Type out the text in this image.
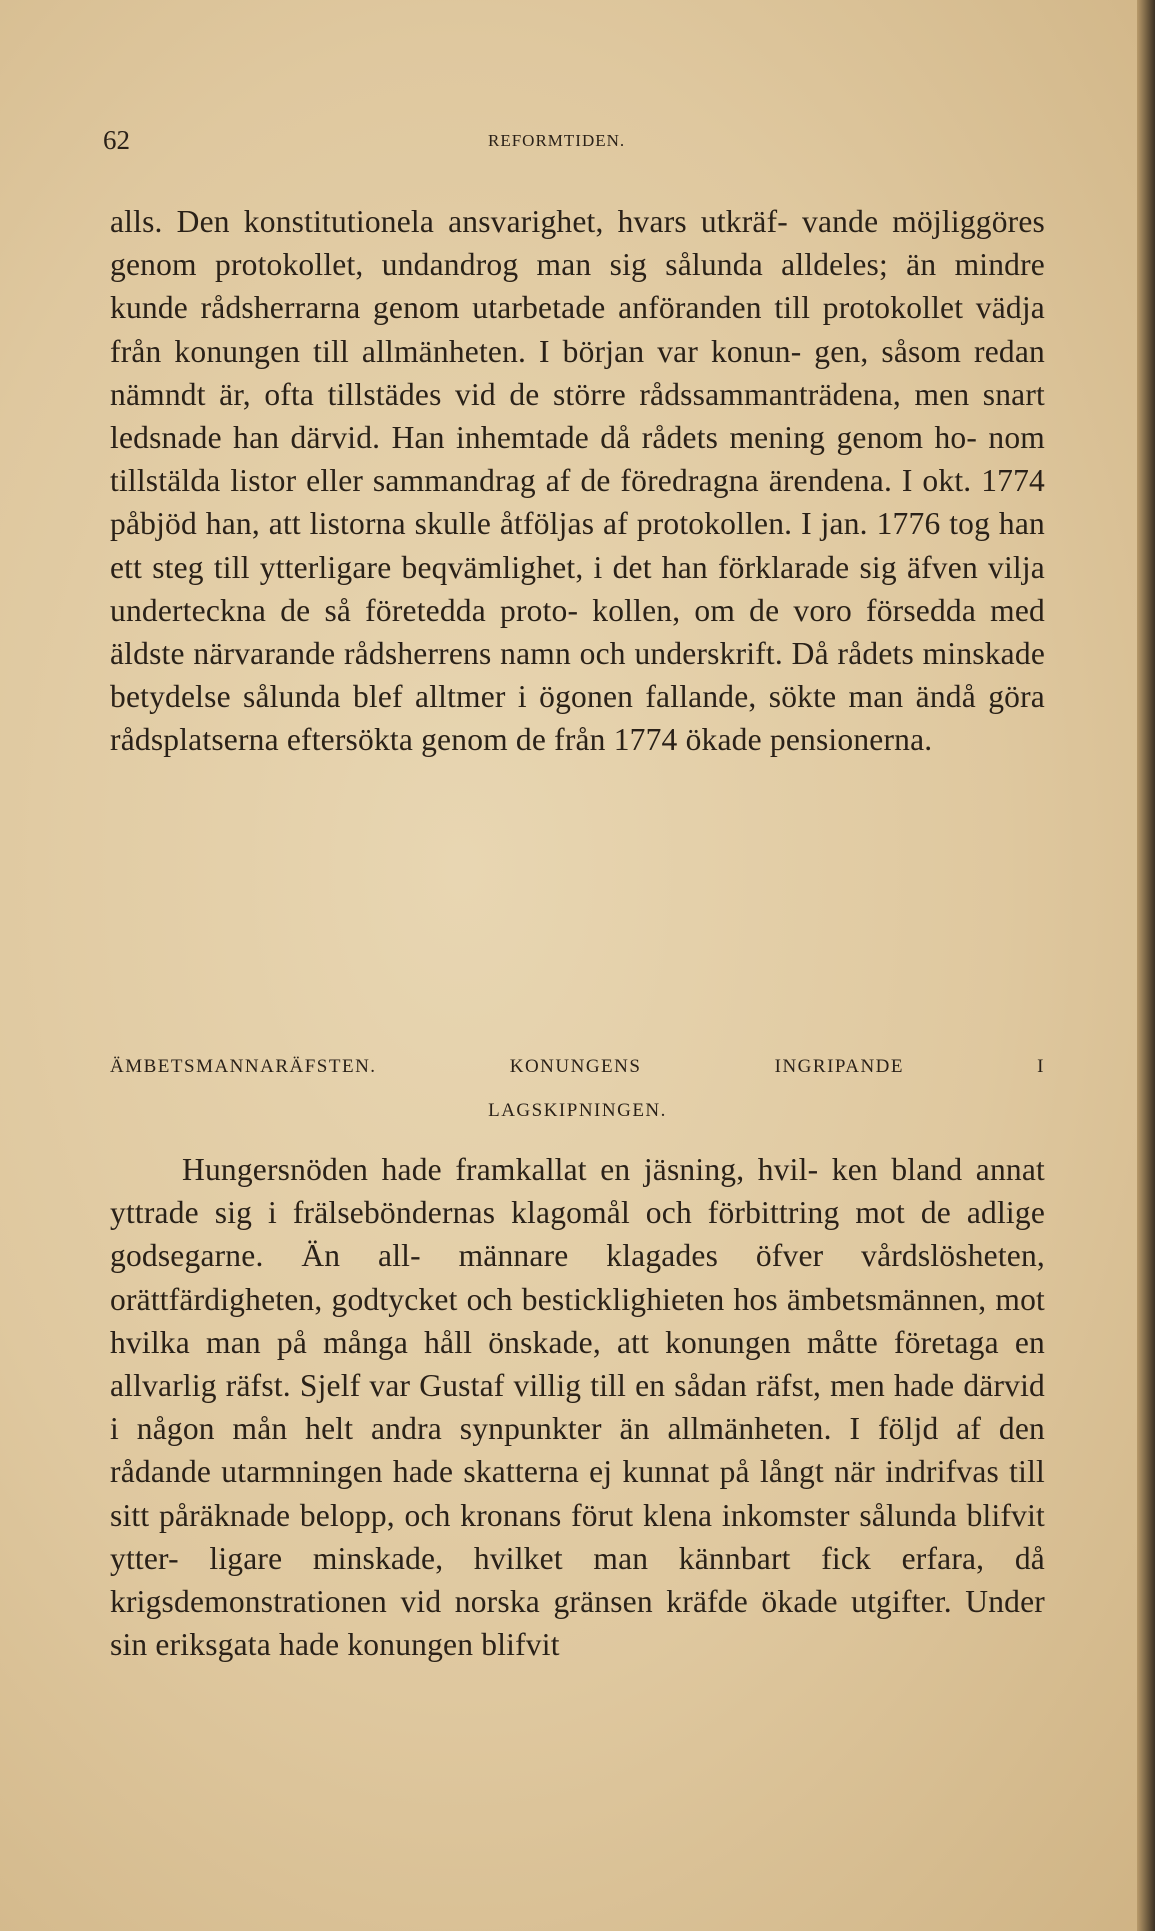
62	REFORMTIDEN.

alls. Den konstitutionela ansvarighet, hvars utkräf- vande möjliggöres genom protokollet, undandrog man sig sålunda alldeles; än mindre kunde rådsherrarna genom utarbetade anföranden till protokollet vädja från konungen till allmänheten. I början var konun- gen, såsom redan nämndt är, ofta tillstädes vid de större rådssammanträdena, men snart ledsnade han därvid. Han inhemtade då rådets mening genom ho- nom tillstälda listor eller sammandrag af de föredragna ärendena. I okt. 1774 påbjöd han, att listorna skulle åtföljas af protokollen. I jan. 1776 tog han ett steg till ytterligare beqvämlighet, i det han förklarade sig äfven vilja underteckna de så företedda proto- kollen, om de voro försedda med äldste närvarande rådsherrens namn och underskrift. Då rådets minskade betydelse sålunda blef alltmer i ögonen fallande, sökte man ändå göra rådsplatserna eftersökta genom de från 1774 ökade pensionerna.

ÄMBETSMANNARÄFSTEN. KONUNGENS INGRIPANDE I
LAGSKIPNINGEN.

Hungersnöden hade framkallat en jäsning, hvil- ken bland annat yttrade sig i frälseböndernas klagomål och förbittring mot de adlige godsegarne. Än all- männare klagades öfver vårdslösheten, orättfärdigheten, godtycket och besticklighieten hos ämbetsmännen, mot hvilka man på många håll önskade, att konungen måtte företaga en allvarlig räfst. Sjelf var Gustaf villig till en sådan räfst, men hade därvid i någon mån helt andra synpunkter än allmänheten. I följd af den rådande utarmningen hade skatterna ej kunnat på långt när indrifvas till sitt påräknade belopp, och kronans förut klena inkomster sålunda blifvit ytter- ligare minskade, hvilket man kännbart fick erfara, då krigsdemonstrationen vid norska gränsen kräfde ökade utgifter. Under sin eriksgata hade konungen blifvit
